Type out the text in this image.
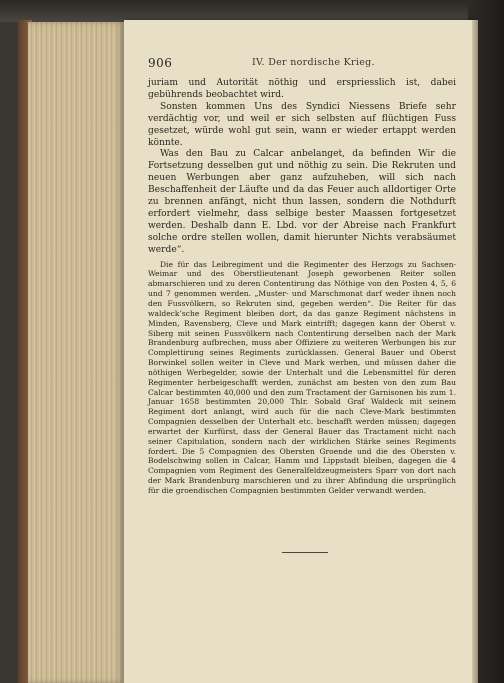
906	IV. Der nordische Krieg.

juriam und Autorität nöthig und erspriesslich ist, dabei gebührends beobachtet wird.

Sonsten kommen Uns des Syndici Niessens Briefe sehr verdächtig vor, und weil er sich selbsten auf flüchtigen Fuss gesetzet, würde wohl gut sein, wann er wieder ertappt werden könnte.

Was den Bau zu Calcar anbelanget, da befinden Wir die Fortsetzung desselben gut und nöthig zu sein. Die Rekruten und neuen Werbungen aber ganz aufzuheben, will sich nach Beschaffenheit der Läufte und da das Feuer auch alldortiger Orte zu brennen anfängt, nicht thun lassen, sondern die Nothdurft erfordert vielmehr, dass selbige bester Maassen fortgesetzet werden. Deshalb dann E. Lbd. vor der Abreise nach Frankfurt solche ordre stellen wollen, damit hierunter Nichts verabsäumet werde“.

Die für das Leibregiment und die Regimenter des Herzogs zu Sachsen-Weimar und des Oberstlieutenant Joseph geworbenen Reiter sollen abmarschieren und zu deren Contentirung das Nöthige von den Posten 4, 5, 6 und 7 genommen werden. „Muster- und Marschmonat darf weder ihnen noch den Fussvölkern, so Rekruten sind, gegeben werden“. Die Reiter für das waldeck’sche Regiment bleiben dort, da das ganze Regiment nächstens in Minden, Ravensberg, Cleve und Mark eintrifft; dagegen kann der Oberst v. Siberg mit seinen Fussvölkern nach Contentirung derselben nach der Mark Brandenburg aufbrechen, muss aber Offiziere zu weiteren Werbungen bis zur Complettirung seines Regiments zurücklassen. General Bauer und Oberst Borwinkel sollen weiter in Cleve und Mark werben, und müssen daher die nöthigen Werbegelder, sowie der Unterhalt und die Lebensmittel für deren Regimenter herbeigeschafft werden, zunächst am besten von den zum Bau Calcar bestimmten 40,000 und den zum Tractament der Garnisonen bis zum 1. Januar 1658 bestimmten 20,000 Thlr. Sobald Graf Waldeck mit seinem Regiment dort anlangt, wird auch für die nach Cleve-Mark bestimmten Compagnien desselben der Unterhalt etc. beschafft werden müssen; dagegen erwartet der Kurfürst, dass der General Bauer das Tractament nicht nach seiner Capitulation, sondern nach der wirklichen Stärke seines Regiments fordert. Die 5 Compagnien des Obersten Groende und die des Obersten v. Bodelschwing sollen in Calcar, Hamm und Lippstadt bleiben, dagegen die 4 Compagnien vom Regiment des Generalfeldzeugmeisters Sparr von dort nach der Mark Brandenburg marschieren und zu ihrer Abfindung die ursprünglich für die groendischen Compagnien bestimmten Gelder verwandt werden.
